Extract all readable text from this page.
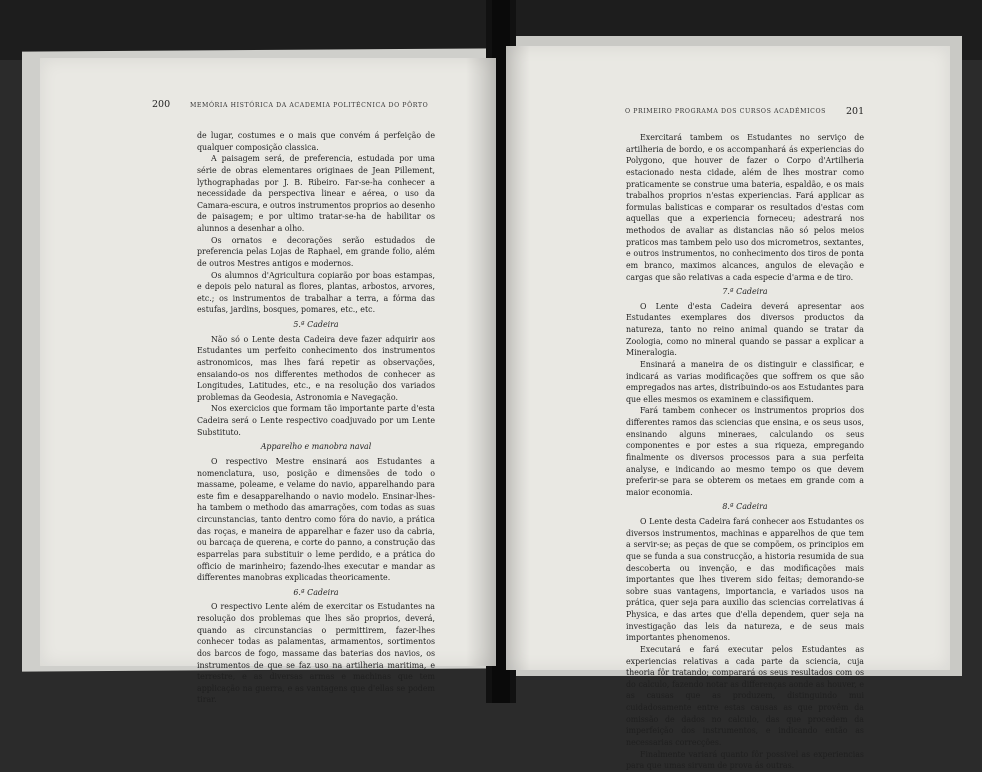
200	MEMÓRIA HISTÓRICA DA ACADEMIA POLITÉCNICA DO PÔRTO

de lugar, costumes e o mais que convém á perfeição de qualquer composição classica.

A paisagem será, de preferencia, estudada por uma série de obras elementares originaes de Jean Pillement, lythographadas por J. B. Ribeiro. Far-se-ha conhecer a necessidade da perspectiva linear e aérea, o uso da Camara-escura, e outros instrumentos proprios ao desenho de paisagem; e por ultimo tratar-se-ha de habilitar os alunnos a desenhar a olho.

Os ornatos e decorações serão estudados de preferencia pelas Lojas de Raphael, em grande folio, além de outros Mestres antigos e modernos.

Os alumnos d'Agricultura copiarão por boas estampas, e depois pelo natural as flores, plantas, arbostos, arvores, etc.; os instrumentos de trabalhar a terra, a fórma das estufas, jardins, bosques, pomares, etc., etc.

5.ª Cadeira

Não só o Lente desta Cadeira deve fazer adquirir aos Estudantes um perfeito conhecimento dos instrumentos astronomicos, mas lhes fará repetir as observações, ensaiando-os nos differentes methodos de conhecer as Longitudes, Latitudes, etc., e na resolução dos variados problemas da Geodesia, Astronomia e Navegação.

Nos exercicios que formam tão importante parte d'esta Cadeira será o Lente respectivo coadjuvado por um Lente Substituto.

Apparelho e manobra naval

O respectivo Mestre ensinará aos Estudantes a nomenclatura, uso, posição e dimensões de todo o massame, poleame, e velame do navio, apparelhando para este fim e desapparelhando o navio modelo. Ensinar-lhes-ha tambem o methodo das amarrações, com todas as suas circunstancias, tanto dentro como fóra do navio, a prática das roças, e maneira de apparelhar e fazer uso da cabria, ou barcaça de querena, e corte do panno, a construção das esparrelas para substituir o leme perdido, e a prática do officio de marinheiro; fazendo-lhes executar e mandar as differentes manobras explicadas theoricamente.

6.ª Cadeira

O respectivo Lente além de exercitar os Estudantes na resolução dos problemas que lhes são proprios, deverá, quando as circunstancias o permittirem, fazer-lhes conhecer todas as palamentas, armamentos, sortimentos dos barcos de fogo, massame das baterias dos navios, os instrumentos de que se faz uso na artilheria maritima, e terrestre, e as diversas armas e machinas que tem applicação na guerra, e as vantagens que d'ellas se podem tirar.

O PRIMEIRO PROGRAMA DOS CURSOS ACADÉMICOS 201

Exercitará tambem os Estudantes no serviço de artilheria de bordo, e os accompanhará ás experiencias do Polygono, que houver de fazer o Corpo d'Artilheria estacionado nesta cidade, além de lhes mostrar como praticamente se construe uma bateria, espaldão, e os mais trabalhos proprios n'estas experiencias. Fará applicar as formulas balisticas e comparar os resultados d'estas com aquellas que a experiencia forneceu; adestrará nos methodos de avaliar as distancias não só pelos meios praticos mas tambem pelo uso dos micrometros, sextantes, e outros instrumentos, no conhecimento dos tiros de ponta em branco, maximos alcances, angulos de elevação e cargas que são relativas a cada especie d'arma e de tiro.

7.ª Cadeira

O Lente d'esta Cadeira deverá apresentar aos Estudantes exemplares dos diversos productos da natureza, tanto no reino animal quando se tratar da Zoologia, como no mineral quando se passar a explicar a Mineralogia.

Ensinará a maneira de os distinguir e classificar, e indicará as varias modificações que soffrem os que são empregados nas artes, distribuindo-os aos Estudantes para que elles mesmos os examinem e classifiquem.

Fará tambem conhecer os instrumentos proprios dos differentes ramos das sciencias que ensina, e os seus usos, ensinando alguns mineraes, calculando os seus componentes e por estes a sua riqueza, empregando finalmente os diversos processos para a sua perfeita analyse, e indicando ao mesmo tempo os que devem preferir-se para se obterem os metaes em grande com a maior economia.

8.ª Cadeira

O Lente desta Cadeira fará conhecer aos Estudantes os diversos instrumentos, machinas e apparelhos de que tem a servir-se; as peças de que se compõem, os principios em que se funda a sua construcção, a historia resumida de sua descoberta ou invenção, e das modificações mais importantes que lhes tiverem sido feitas; demorando-se sobre suas vantagens, importancia, e variados usos na prática, quer seja para auxilio das sciencias correlativas á Physica, e das artes que d'ella dependem, quer seja na investigação das leis da natureza, e de seus mais importantes phenomenos.

Executará e fará executar pelos Estudantes as experiencias relativas a cada parte da sciencia, cuja theoria fôr tratando; comparará os seus resultados com os do calculo, fazendo notar as differenças aonde as houver, e as causas que as produzem, distinguindo mui cuidadosamente entre estas causas as que provêm da omissão de dados no calculo, das que procedem da imperfeição dos instrumentos, e indicando então as necessarias correcções.

Finalmente variará quanto fôr possivel as experiencias para que umas sirvam de prova ás outras.
